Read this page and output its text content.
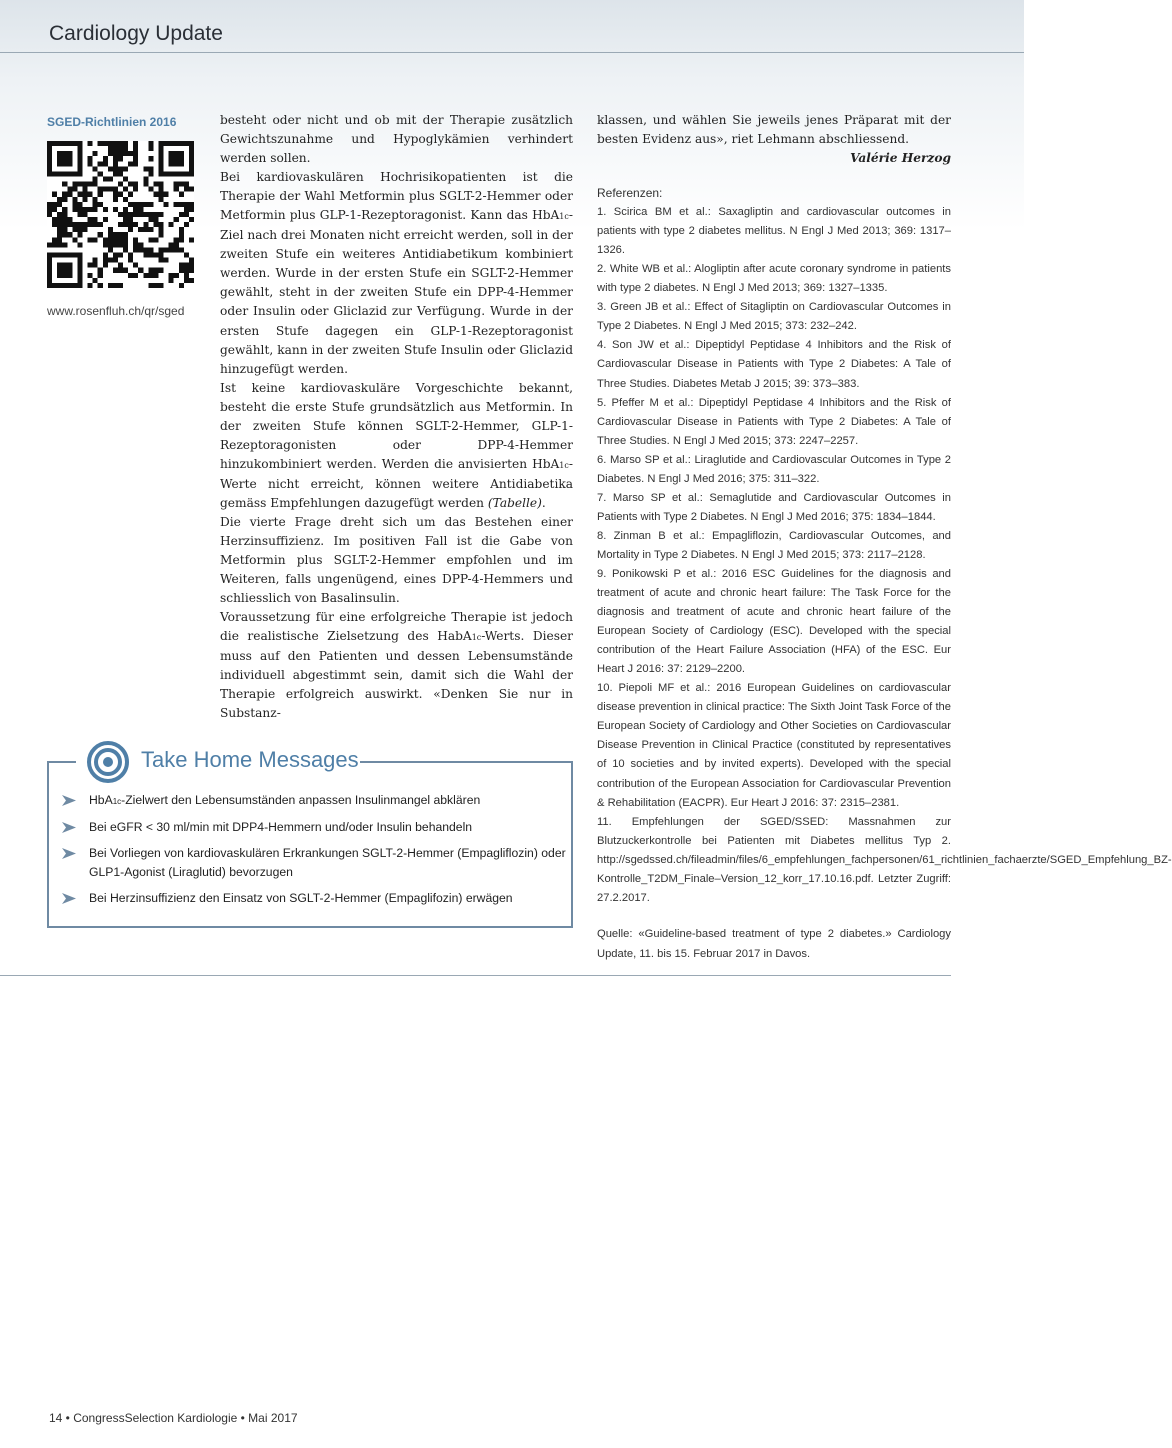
Cardiology Update
SGED-Richtlinien 2016
www.rosenfluh.ch/qr/sged

besteht oder nicht und ob mit der Therapie zusätzlich Gewichtszunahme und Hypoglykämien verhindert werden sollen.

Bei kardiovaskulären Hochrisikopatienten ist die Therapie der Wahl Metformin plus SGLT-2-Hemmer oder Metformin plus GLP-1-Rezeptoragonist. Kann das HbA1c-Ziel nach drei Monaten nicht erreicht werden, soll in der zweiten Stufe ein weiteres Antidiabetikum kombiniert werden. Wurde in der ersten Stufe ein SGLT-2-Hemmer gewählt, steht in der zweiten Stufe ein DPP-4-Hemmer oder Insulin oder Gliclazid zur Verfügung. Wurde in der ersten Stufe dagegen ein GLP-1-Rezeptoragonist gewählt, kann in der zweiten Stufe Insulin oder Gliclazid hinzugefügt werden.

Ist keine kardiovaskuläre Vorgeschichte bekannt, besteht die erste Stufe grundsätzlich aus Metformin. In der zweiten Stufe können SGLT-2-Hemmer, GLP-1-Rezeptoragonisten oder DPP-4-Hemmer hinzukombiniert werden. Werden die anvisierten HbA1c-Werte nicht erreicht, können weitere Antidiabetika gemäss Empfehlungen dazugefügt werden (Tabelle).

Die vierte Frage dreht sich um das Bestehen einer Herzinsuffizienz. Im positiven Fall ist die Gabe von Metformin plus SGLT-2-Hemmer empfohlen und im Weiteren, falls ungenügend, eines DPP-4-Hemmers und schliesslich von Basalinsulin.

Voraussetzung für eine erfolgreiche Therapie ist jedoch die realistische Zielsetzung des HabA1c-Werts. Dieser muss auf den Patienten und dessen Lebensumstände individuell abgestimmt sein, damit sich die Wahl der Therapie erfolgreich auswirkt. «Denken Sie nur in Substanz-

klassen, und wählen Sie jeweils jenes Präparat mit der besten Evidenz aus», riet Lehmann abschliessend.

Valérie Herzog
Referenzen:
1. Scirica BM et al.: Saxagliptin and cardiovascular outcomes in patients with type 2 diabetes mellitus. N Engl J Med 2013; 369: 1317–1326.
2. White WB et al.: Alogliptin after acute coronary syndrome in patients with type 2 diabetes. N Engl J Med 2013; 369: 1327–1335.
3. Green JB et al.: Effect of Sitagliptin on Cardiovascular Outcomes in Type 2 Diabetes. N Engl J Med 2015; 373: 232–242.
4. Son JW et al.: Dipeptidyl Peptidase 4 Inhibitors and the Risk of Cardiovascular Disease in Patients with Type 2 Diabetes: A Tale of Three Studies. Diabetes Metab J 2015; 39: 373–383.
5. Pfeffer M et al.: Dipeptidyl Peptidase 4 Inhibitors and the Risk of Cardiovascular Disease in Patients with Type 2 Diabetes: A Tale of Three Studies. N Engl J Med 2015; 373: 2247–2257.
6. Marso SP et al.: Liraglutide and Cardiovascular Outcomes in Type 2 Diabetes. N Engl J Med 2016; 375: 311–322.
7. Marso SP et al.: Semaglutide and Cardiovascular Outcomes in Patients with Type 2 Diabetes. N Engl J Med 2016; 375: 1834–1844.
8. Zinman B et al.: Empagliflozin, Cardiovascular Outcomes, and Mortality in Type 2 Diabetes. N Engl J Med 2015; 373: 2117–2128.
9. Ponikowski P et al.: 2016 ESC Guidelines for the diagnosis and treatment of acute and chronic heart failure: The Task Force for the diagnosis and treatment of acute and chronic heart failure of the European Society of Cardiology (ESC). Developed with the special contribution of the Heart Failure Association (HFA) of the ESC. Eur Heart J 2016: 37: 2129–2200.
10. Piepoli MF et al.: 2016 European Guidelines on cardiovascular disease prevention in clinical practice: The Sixth Joint Task Force of the European Society of Cardiology and Other Societies on Cardiovascular Disease Prevention in Clinical Practice (constituted by representatives of 10 societies and by invited experts). Developed with the special contribution of the European Association for Cardiovascular Prevention & Rehabilitation (EACPR). Eur Heart J 2016: 37: 2315–2381.
11. Empfehlungen der SGED/SSED: Massnahmen zur Blutzuckerkontrolle bei Patienten mit Diabetes mellitus Typ 2. http://sgedssed.ch/fileadmin/files/6_empfehlungen_fachpersonen/61_richtlinien_fachaerzte/SGED_Empfehlung_BZ-Kontrolle_T2DM_Finale–Version_12_korr_17.10.16.pdf. Letzter Zugriff: 27.2.2017.
Quelle: «Guideline-based treatment of type 2 diabetes.» Cardiology Update, 11. bis 15. Februar 2017 in Davos.
Take Home Messages
HbA1c-Zielwert den Lebensumständen anpassen Insulinmangel abklären
Bei eGFR < 30 ml/min mit DPP4-Hemmern und/oder Insulin behandeln
Bei Vorliegen von kardiovaskulären Erkrankungen SGLT-2-Hemmer (Empagliflozin) oder GLP1-Agonist (Liraglutid) bevorzugen
Bei Herzinsuffizienz den Einsatz von SGLT-2-Hemmer (Empaglifozin) erwägen
14 • CongressSelection Kardiologie • Mai 2017
